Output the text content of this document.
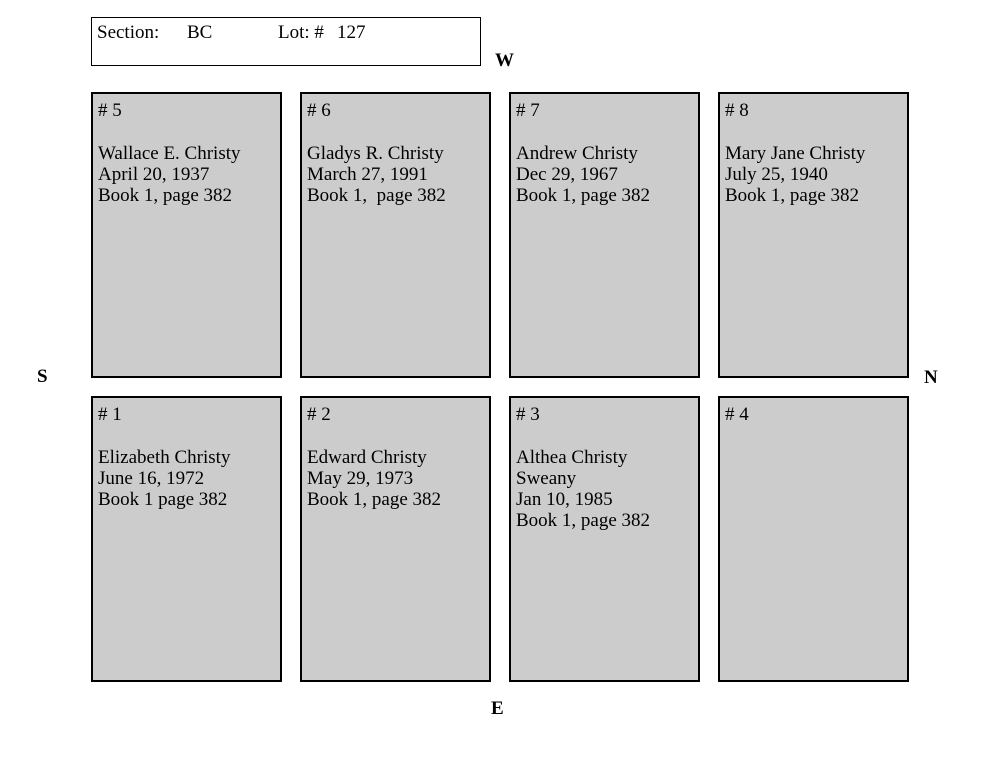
Section: BC	Lot: # 127
W
E
S	N
# 5
Wallace E. Christy
April 20, 1937
Book 1, page 382
# 6
Gladys R. Christy
March 27, 1991
Book 1,  page 382
# 7
Andrew Christy
Dec 29, 1967
Book 1, page 382
# 8
Mary Jane Christy
July 25, 1940
Book 1, page 382
# 1
Elizabeth Christy
June 16, 1972
Book 1 page 382
# 2
Edward Christy
May 29, 1973
Book 1, page 382
# 3
Althea Christy
Sweany
Jan 10, 1985
Book 1, page 382
# 4
